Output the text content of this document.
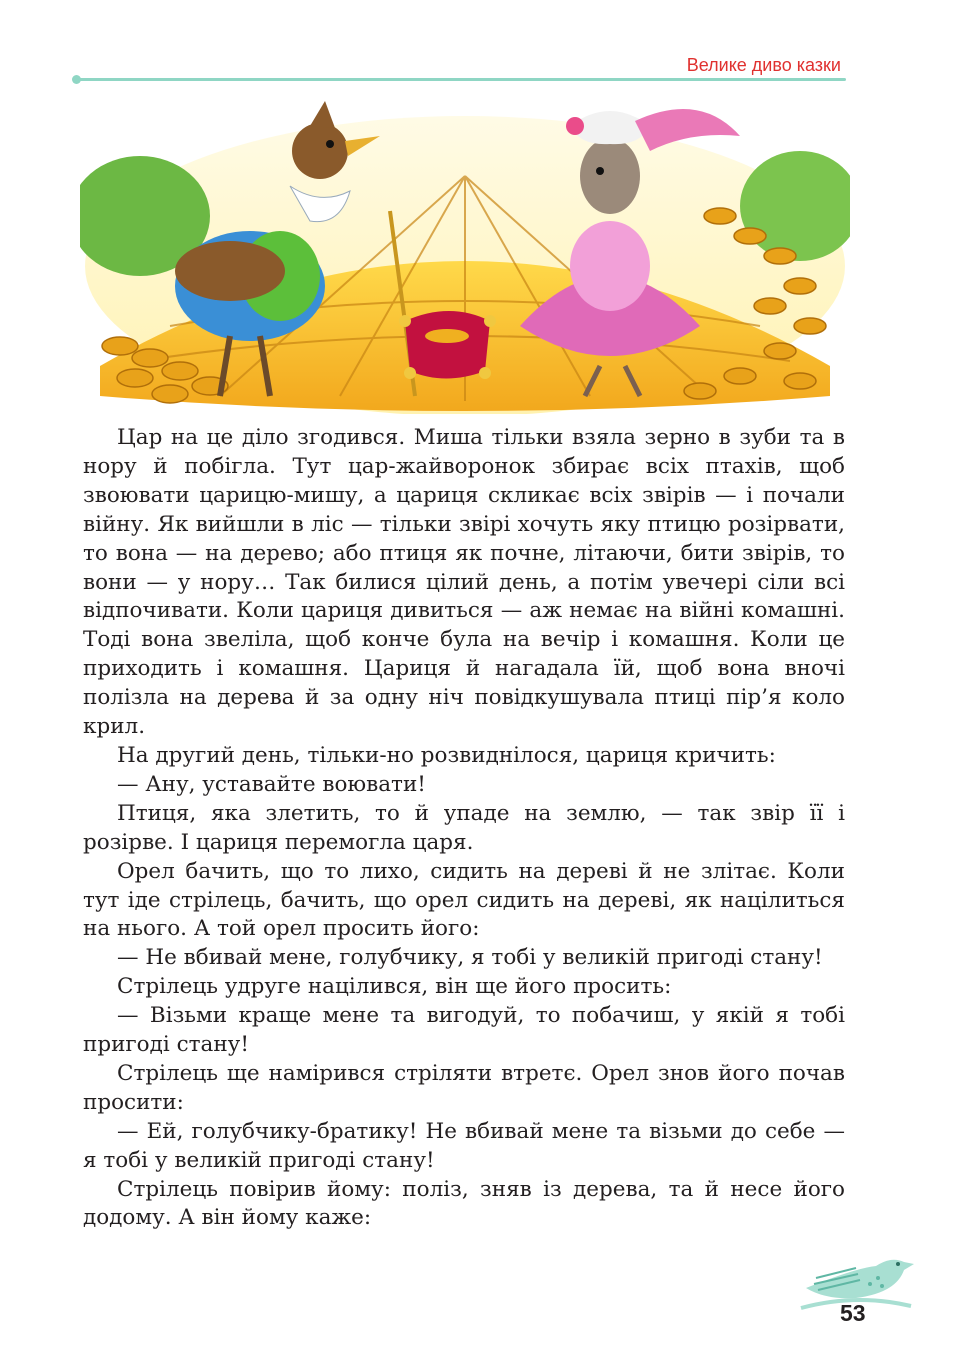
Велике диво казки

Цар на це діло згодився. Миша тільки взяла зерно в зуби та в нору й побігла. Тут цар-жайворонок збирає всіх птахів, щоб звоювати царицю-мишу, а цариця скликає всіх звірів — і почали війну. Як вийшли в ліс — тільки звірі хочуть яку птицю розірвати, то вона — на дерево; або птиця як почне, літаючи, бити звірів, то вони — у нору… Так билися цілий день, а потім увечері сіли всі відпочивати. Коли цариця дивиться — аж немає на війні комашні. Тоді вона звеліла, щоб конче була на вечір і комашня. Коли це приходить і комашня. Цариця й нагадала їй, щоб вона вночі полізла на дерева й за одну ніч повідкушувала птиці пір’я коло крил.

На другий день, тільки-но розвиднілося, цариця кричить:

— Ану, уставайте воювати!

Птиця, яка злетить, то й упаде на землю, — так звір її і розірве. І цариця перемогла царя.

Орел бачить, що то лихо, сидить на дереві й не злітає. Коли тут іде стрілець, бачить, що орел сидить на дереві, як націлиться на нього. А той орел просить його:

— Не вбивай мене, голубчику, я тобі у великій пригоді стану!

Стрілець удруге націлився, він ще його просить:

— Візьми краще мене та вигодуй, то побачиш, у якій я тобі пригоді стану!

Стрілець ще намірився стріляти втретє. Орел знов його почав просити:

— Ей, голубчику-братику! Не вбивай мене та візьми до себе — я тобі у великій пригоді стану!

Стрілець повірив йому: поліз, зняв із дерева, та й несе його додому. А він йому каже:

53
